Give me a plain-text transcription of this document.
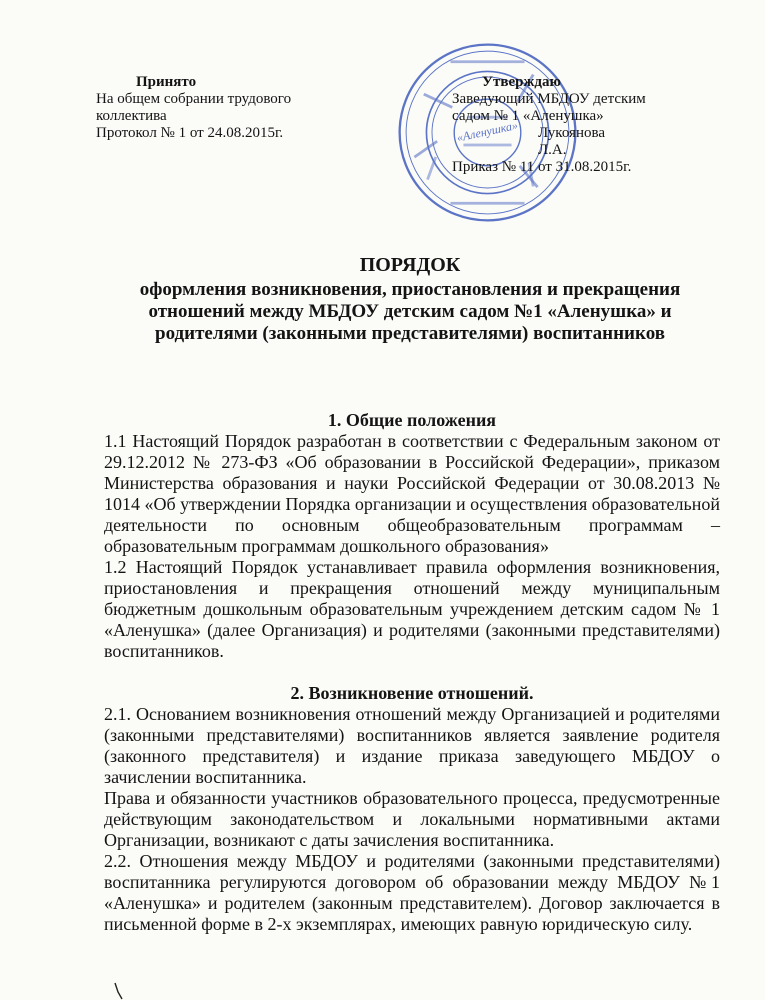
Принято
На общем собрании трудового
коллектива
Протокол № 1 от 24.08.2015г.	«Аленушка»
Утверждаю
Заведующий МБДОУ детским
садом № 1 «Аленушка»
Лукоянова Л.А.
Приказ № 11 от 31.08.2015г.
ПОРЯДОК
оформления возникновения, приостановления и прекращения
отношений между МБДОУ детским садом №1 «Аленушка» и
родителями (законными представителями) воспитанников

1. Общие положения

1.1 Настоящий Порядок разработан в соответствии с Федеральным законом от 29.12.2012 № 273-ФЗ «Об образовании в Российской Федерации», приказом Министерства образования и науки Российской Федерации от 30.08.2013 № 1014 «Об утверждении Порядка организации и осуществления образовательной деятельности по основным общеобразовательным программам – образовательным программам дошкольного образования»

1.2 Настоящий Порядок устанавливает правила оформления возникновения, приостановления и прекращения отношений между муниципальным бюджетным дошкольным образовательным учреждением детским садом № 1 «Аленушка» (далее Организация) и родителями (законными представителями) воспитанников.

2. Возникновение отношений.

2.1. Основанием возникновения отношений между Организацией и родителями (законными представителями) воспитанников является заявление родителя (законного представителя) и издание приказа заведующего МБДОУ о зачислении воспитанника.

Права и обязанности участников образовательного процесса, предусмотренные действующим законодательством и локальными нормативными актами Организации, возникают с даты зачисления воспитанника.

2.2. Отношения между МБДОУ и родителями (законными представителями) воспитанника регулируются договором об образовании между МБДОУ №1 «Аленушка» и родителем (законным представителем). Договор заключается в письменной форме в 2-х экземплярах, имеющих равную юридическую силу.
